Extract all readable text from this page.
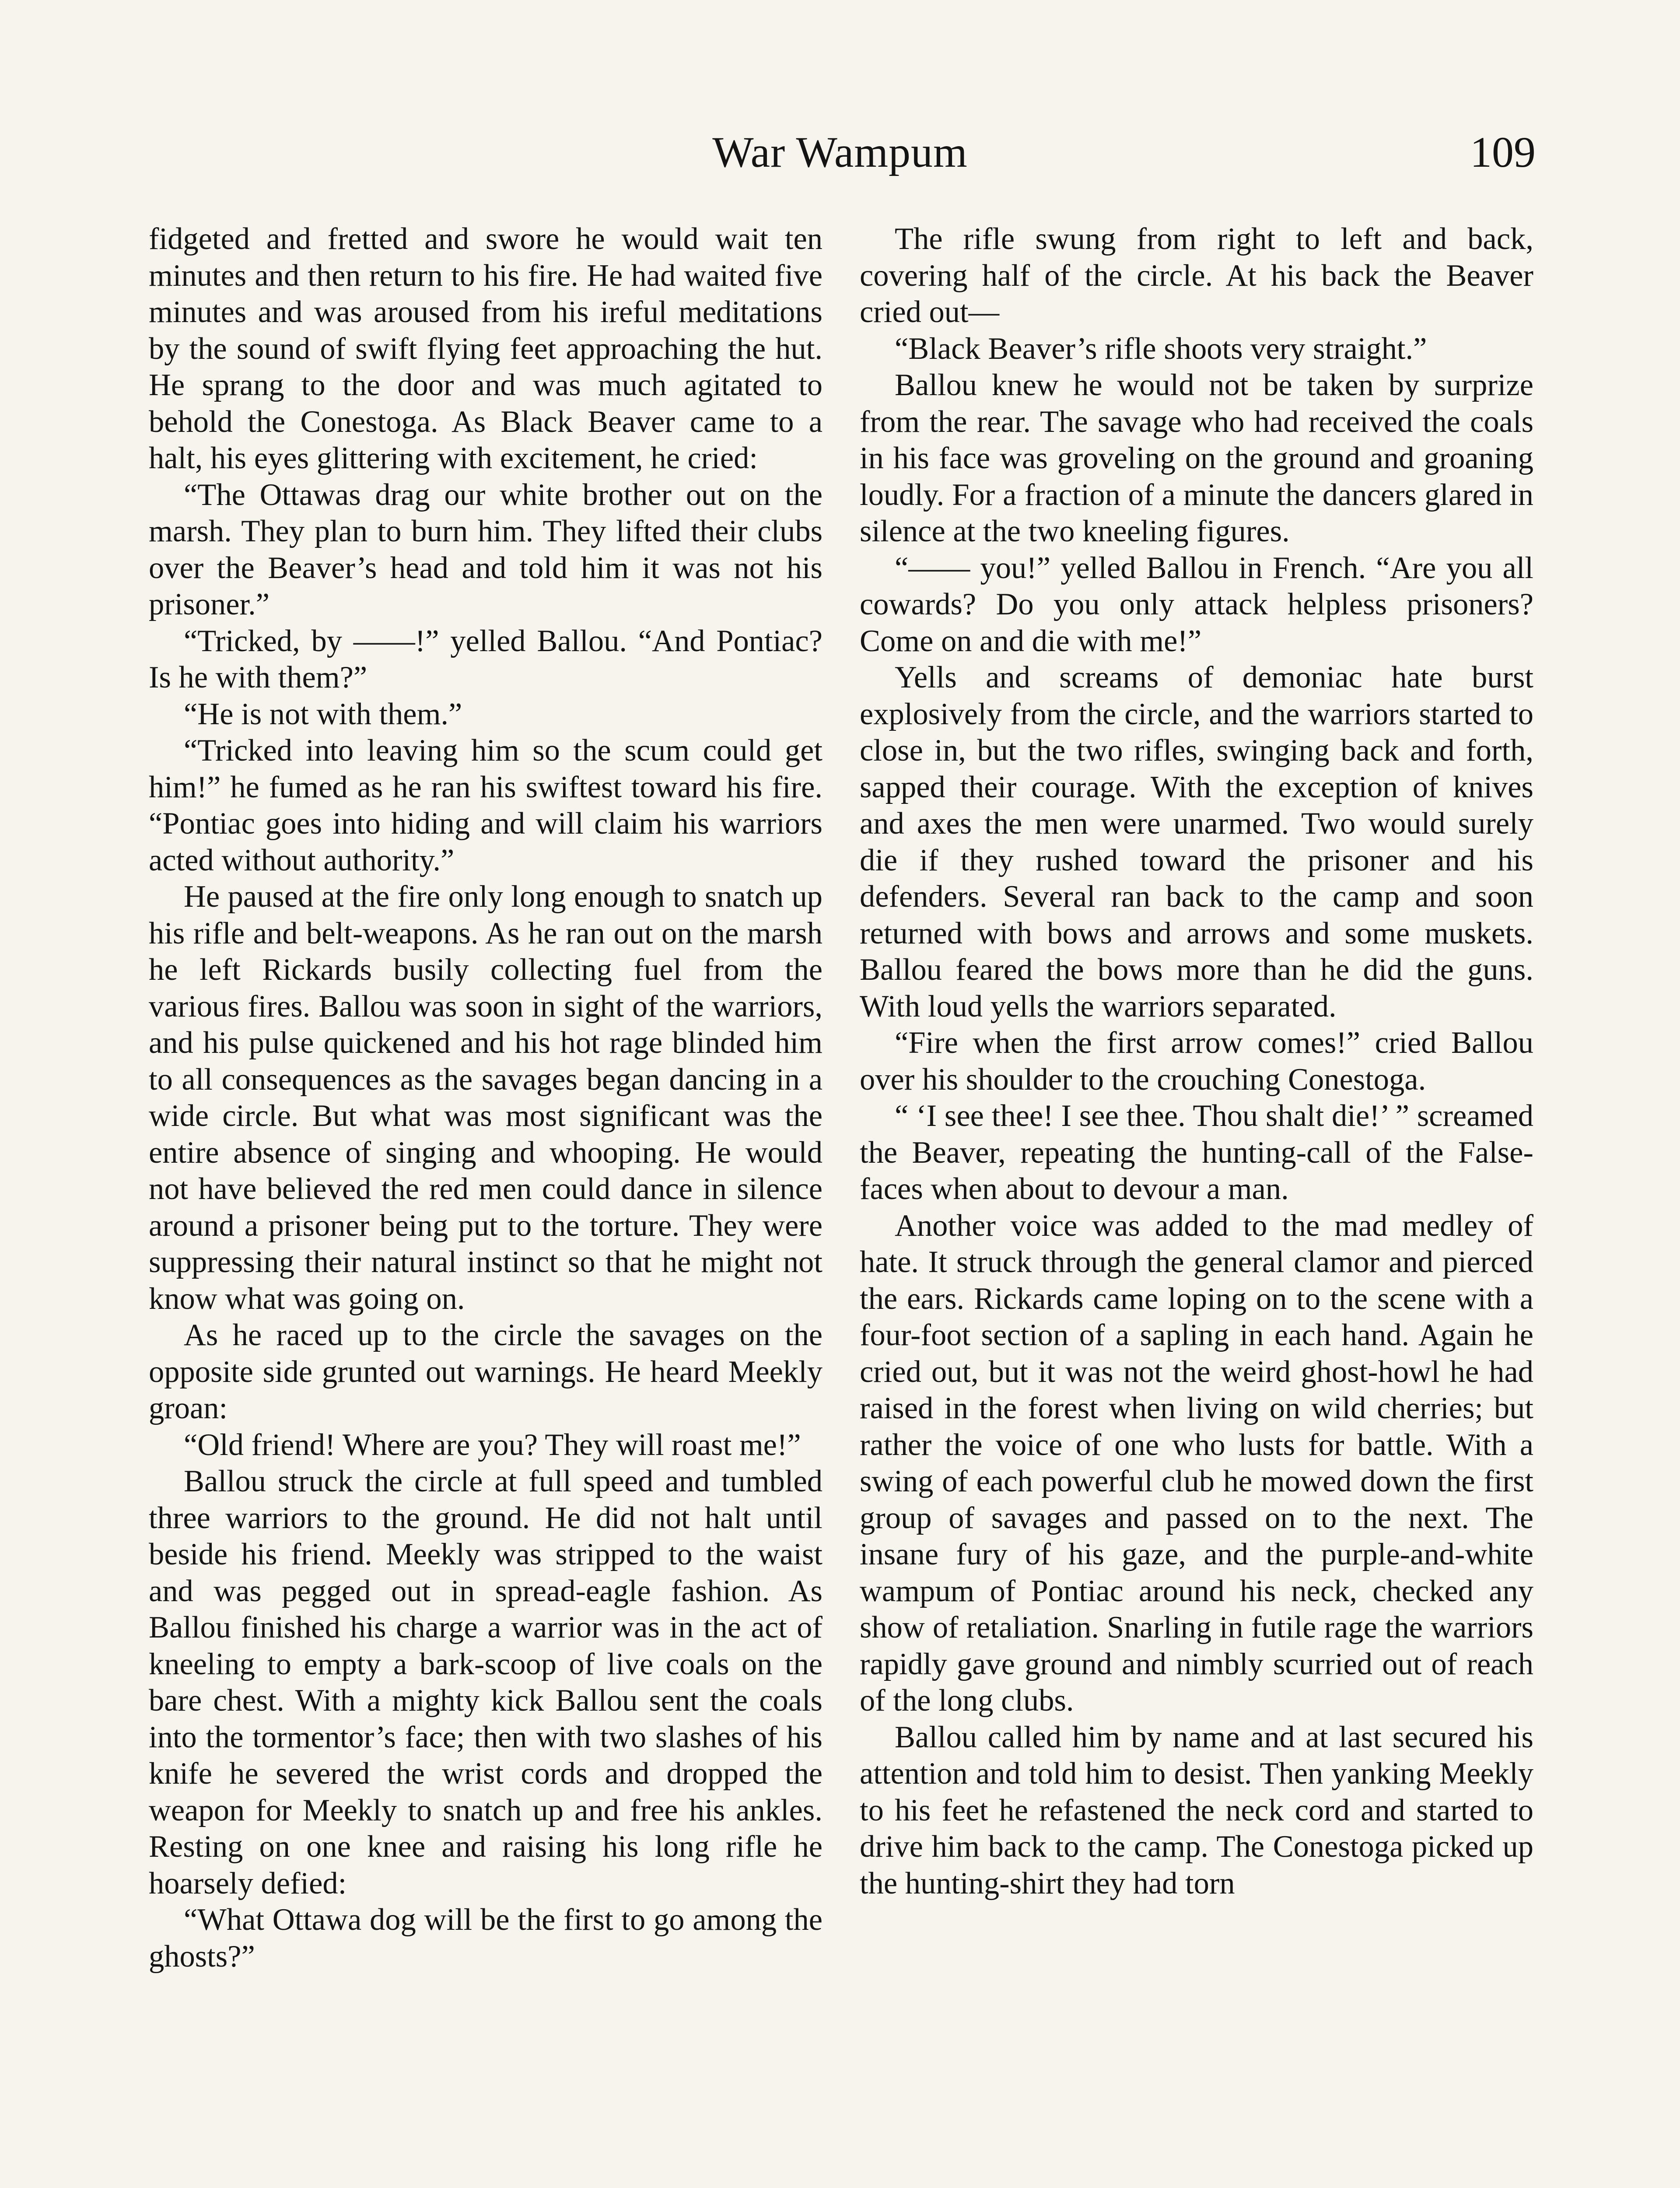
War Wampum	109

fidgeted and fretted and swore he would wait ten minutes and then return to his fire. He had waited five minutes and was aroused from his ireful meditations by the sound of swift flying feet approaching the hut. He sprang to the door and was much agitated to behold the Conestoga. As Black Beaver came to a halt, his eyes glittering with excitement, he cried:

“The Ottawas drag our white brother out on the marsh. They plan to burn him. They lifted their clubs over the Beaver’s head and told him it was not his prisoner.”

“Tricked, by ——!” yelled Ballou. “And Pontiac? Is he with them?”

“He is not with them.”

“Tricked into leaving him so the scum could get him!” he fumed as he ran his swiftest toward his fire. “Pontiac goes into hiding and will claim his warriors acted without authority.”

He paused at the fire only long enough to snatch up his rifle and belt-weapons. As he ran out on the marsh he left Rickards busily collecting fuel from the various fires. Ballou was soon in sight of the warriors, and his pulse quickened and his hot rage blinded him to all consequences as the savages began dancing in a wide circle. But what was most significant was the entire absence of singing and whooping. He would not have believed the red men could dance in silence around a prisoner being put to the torture. They were suppressing their natural instinct so that he might not know what was going on.

As he raced up to the circle the savages on the opposite side grunted out warnings. He heard Meekly groan:

“Old friend! Where are you? They will roast me!”

Ballou struck the circle at full speed and tumbled three warriors to the ground. He did not halt until beside his friend. Meekly was stripped to the waist and was pegged out in spread-eagle fashion. As Ballou finished his charge a warrior was in the act of kneeling to empty a bark-scoop of live coals on the bare chest. With a mighty kick Ballou sent the coals into the tormentor’s face; then with two slashes of his knife he severed the wrist cords and dropped the weapon for Meekly to snatch up and free his ankles. Resting on one knee and raising his long rifle he hoarsely defied:

“What Ottawa dog will be the first to go among the ghosts?”

The rifle swung from right to left and back, covering half of the circle. At his back the Beaver cried out—

“Black Beaver’s rifle shoots very straight.”

Ballou knew he would not be taken by surprize from the rear. The savage who had received the coals in his face was groveling on the ground and groaning loudly. For a fraction of a minute the dancers glared in silence at the two kneeling figures.

“—— you!” yelled Ballou in French. “Are you all cowards? Do you only attack helpless prisoners? Come on and die with me!”

Yells and screams of demoniac hate burst explosively from the circle, and the warriors started to close in, but the two rifles, swinging back and forth, sapped their courage. With the exception of knives and axes the men were unarmed. Two would surely die if they rushed toward the prisoner and his defenders. Several ran back to the camp and soon returned with bows and arrows and some muskets. Ballou feared the bows more than he did the guns. With loud yells the warriors separated.

“Fire when the first arrow comes!” cried Ballou over his shoulder to the crouching Conestoga.

“ ‘I see thee! I see thee. Thou shalt die!’ ” screamed the Beaver, repeating the hunting-call of the False-faces when about to devour a man.

Another voice was added to the mad medley of hate. It struck through the general clamor and pierced the ears. Rickards came loping on to the scene with a four-foot section of a sapling in each hand. Again he cried out, but it was not the weird ghost-howl he had raised in the forest when living on wild cherries; but rather the voice of one who lusts for battle. With a swing of each powerful club he mowed down the first group of savages and passed on to the next. The insane fury of his gaze, and the purple-and-white wampum of Pontiac around his neck, checked any show of retaliation. Snarling in futile rage the warriors rapidly gave ground and nimbly scurried out of reach of the long clubs.

Ballou called him by name and at last secured his attention and told him to desist. Then yanking Meekly to his feet he refastened the neck cord and started to drive him back to the camp. The Conestoga picked up the hunting-shirt they had torn
